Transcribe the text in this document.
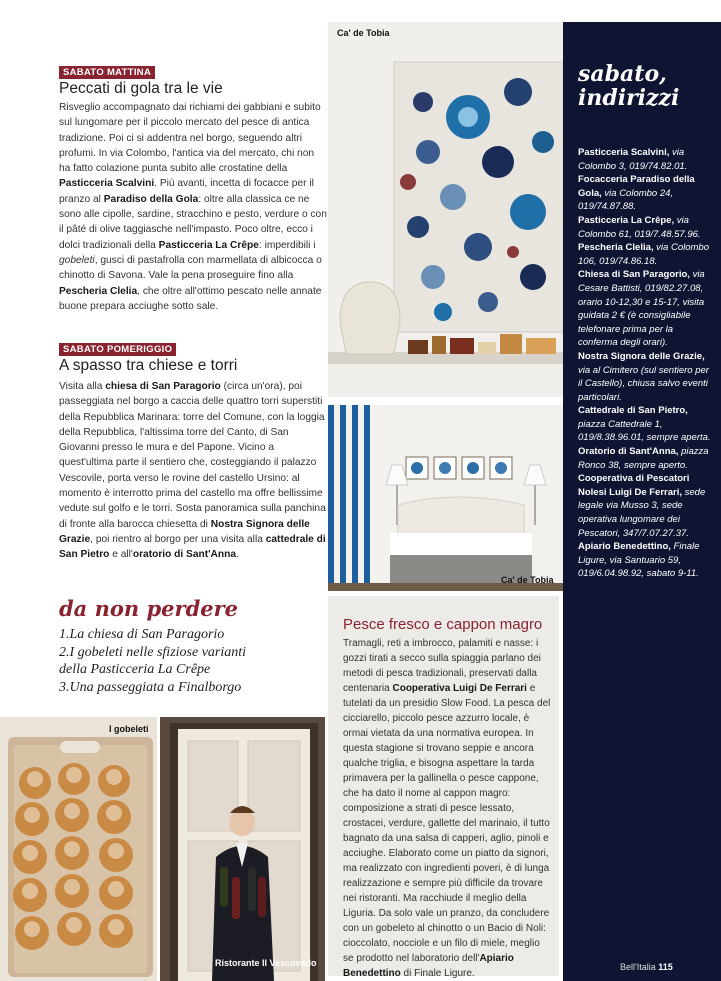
SABATO MATTINA
Peccati di gola tra le vie
Risveglio accompagnato dai richiami dei gabbiani e subito sul lungomare per il piccolo mercato del pesce di antica tradizione. Poi ci si addentra nel borgo, seguendo altri profumi. In via Colombo, l'antica via del mercato, chi non ha fatto colazione punta subito alle crostatine della Pasticceria Scalvini. Più avanti, incetta di focacce per il pranzo al Paradiso della Gola: oltre alla classica ce ne sono alle cipolle, sardine, stracchino e pesto, verdure o con il pâté di olive taggiasche nell'impasto. Poco oltre, ecco i dolci tradizionali della Pasticceria La Crêpe: imperdibili i gobeleti, gusci di pastafrolla con marmellata di albicocca o chinotto di Savona. Vale la pena proseguire fino alla Pescheria Clelia, che oltre all'ottimo pescato nelle annate buone prepara acciughe sotto sale.
SABATO POMERIGGIO
A spasso tra chiese e torri
Visita alla chiesa di San Paragorio (circa un'ora), poi passeggiata nel borgo a caccia delle quattro torri superstiti della Repubblica Marinara: torre del Comune, con la loggia della Repubblica, l'altissima torre del Canto, di San Giovanni presso le mura e del Papone. Vicino a quest'ultima parte il sentiero che, costeggiando il palazzo Vescovile, porta verso le rovine del castello Ursino: al momento è interrotto prima del castello ma offre bellissime vedute sul golfo e le torri. Sosta panoramica sulla panchina di fronte alla barocca chiesetta di Nostra Signora delle Grazie, poi rientro al borgo per una visita alla cattedrale di San Pietro e all'oratorio di Sant'Anna.
da non perdere
1.La chiesa di San Paragorio
2.I gobeleti nelle sfiziose varianti della Pasticceria La Crêpe
3.Una passeggiata a Finalborgo
I gobeleti
Ristorante Il Vescovado
Ca' de Tobia
Ca' de Tobia
Pesce fresco e cappon magro
Tramagli, reti a imbrocco, palamiti e nasse: i gozzi tirati a secco sulla spiaggia parlano dei metodi di pesca tradizionali, preservati dalla centenaria Cooperativa Luigi De Ferrari e tutelati da un presidio Slow Food. La pesca del cicciarello, piccolo pesce azzurro locale, è ormai vietata da una normativa europea. In questa stagione si trovano seppie e ancora qualche triglia, e bisogna aspettare la tarda primavera per la gallinella o pesce cappone, che ha dato il nome al cappon magro: composizione a strati di pesce lessato, crostacei, verdure, gallette del marinaio, il tutto bagnato da una salsa di capperi, aglio, pinoli e acciughe. Elaborato come un piatto da signori, ma realizzato con ingredienti poveri, è di lunga realizzazione e sempre più difficile da trovare nei ristoranti. Ma racchiude il meglio della Liguria. Da solo vale un pranzo, da concludere con un gobeleto al chinotto o un Bacio di Noli: cioccolato, nocciole e un filo di miele, meglio se prodotto nel laboratorio dell'Apiario Benedettino di Finale Ligure.
sabato,
indirizzi
Pasticceria Scalvini, via Colombo 3, 019/74.82.01.
Focacceria Paradiso della Gola, via Colombo 24, 019/74.87.88.
Pasticceria La Crêpe, via Colombo 61, 019/7.48.57.96.
Pescheria Clelia, via Colombo 106, 019/74.86.18.
Chiesa di San Paragorio, via Cesare Battisti, 019/82.27.08, orario 10-12,30 e 15-17, visita guidata 2 € (è consigliabile telefonare prima per la conferma degli orari).
Nostra Signora delle Grazie, via al Cimitero (sul sentiero per il Castello), chiusa salvo eventi particolari.
Cattedrale di San Pietro, piazza Cattedrale 1, 019/8.38.96.01, sempre aperta.
Oratorio di Sant'Anna, piazza Ronco 38, sempre aperto.
Cooperativa di Pescatori Nolesi Luigi De Ferrari, sede legale via Musso 3, sede operativa lungomare dei Pescatori, 347/7.07.27.37.
Apiario Benedettino, Finale Ligure, via Santuario 59, 019/6.04.98.92, sabato 9-11.
Bell'Italia 115
